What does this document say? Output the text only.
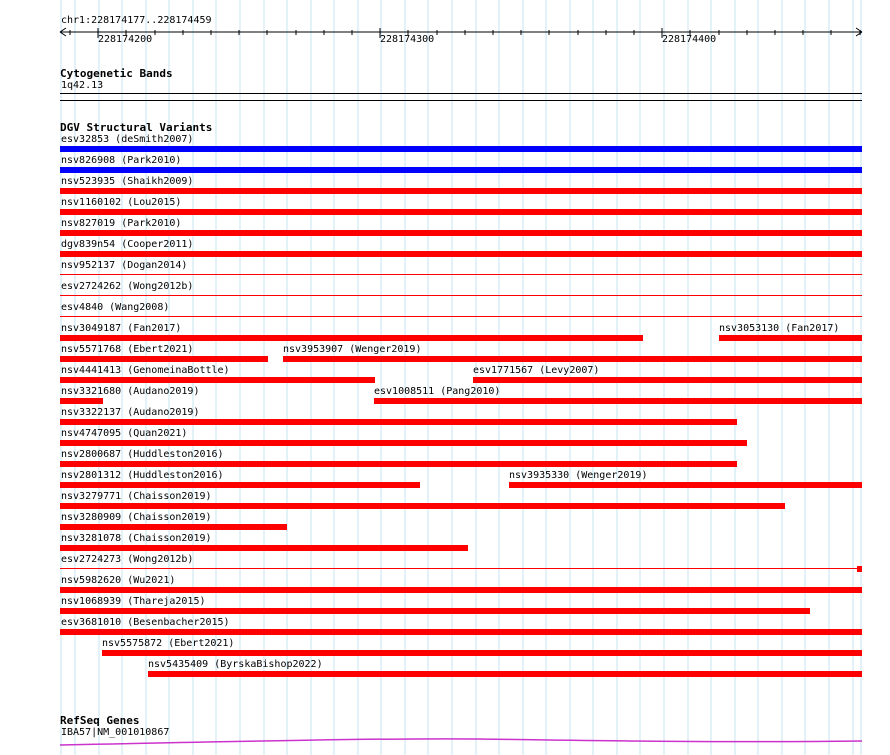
chr1:228174177..228174459
228174200	228174300	228174400
Cytogenetic Bands
1q42.13
DGV Structural Variants
esv32853 (deSmith2007)
nsv826908 (Park2010)
nsv523935 (Shaikh2009)
nsv1160102 (Lou2015)
nsv827019 (Park2010)
dgv839n54 (Cooper2011)
nsv952137 (Dogan2014)
esv2724262 (Wong2012b)
esv4840 (Wang2008)
nsv3049187 (Fan2017)	nsv3053130 (Fan2017)
nsv5571768 (Ebert2021)	nsv3953907 (Wenger2019)
nsv4441413 (GenomeinaBottle)	esv1771567 (Levy2007)
nsv3321680 (Audano2019)	esv1008511 (Pang2010)
nsv3322137 (Audano2019)
nsv4747095 (Quan2021)
nsv2800687 (Huddleston2016)
nsv2801312 (Huddleston2016)	nsv3935330 (Wenger2019)
nsv3279771 (Chaisson2019)
nsv3280909 (Chaisson2019)
nsv3281078 (Chaisson2019)
esv2724273 (Wong2012b)
nsv5982620 (Wu2021)
nsv1068939 (Thareja2015)
esv3681010 (Besenbacher2015)
nsv5575872 (Ebert2021)
nsv5435409 (ByrskaBishop2022)
RefSeq Genes
IBA57|NM_001010867
